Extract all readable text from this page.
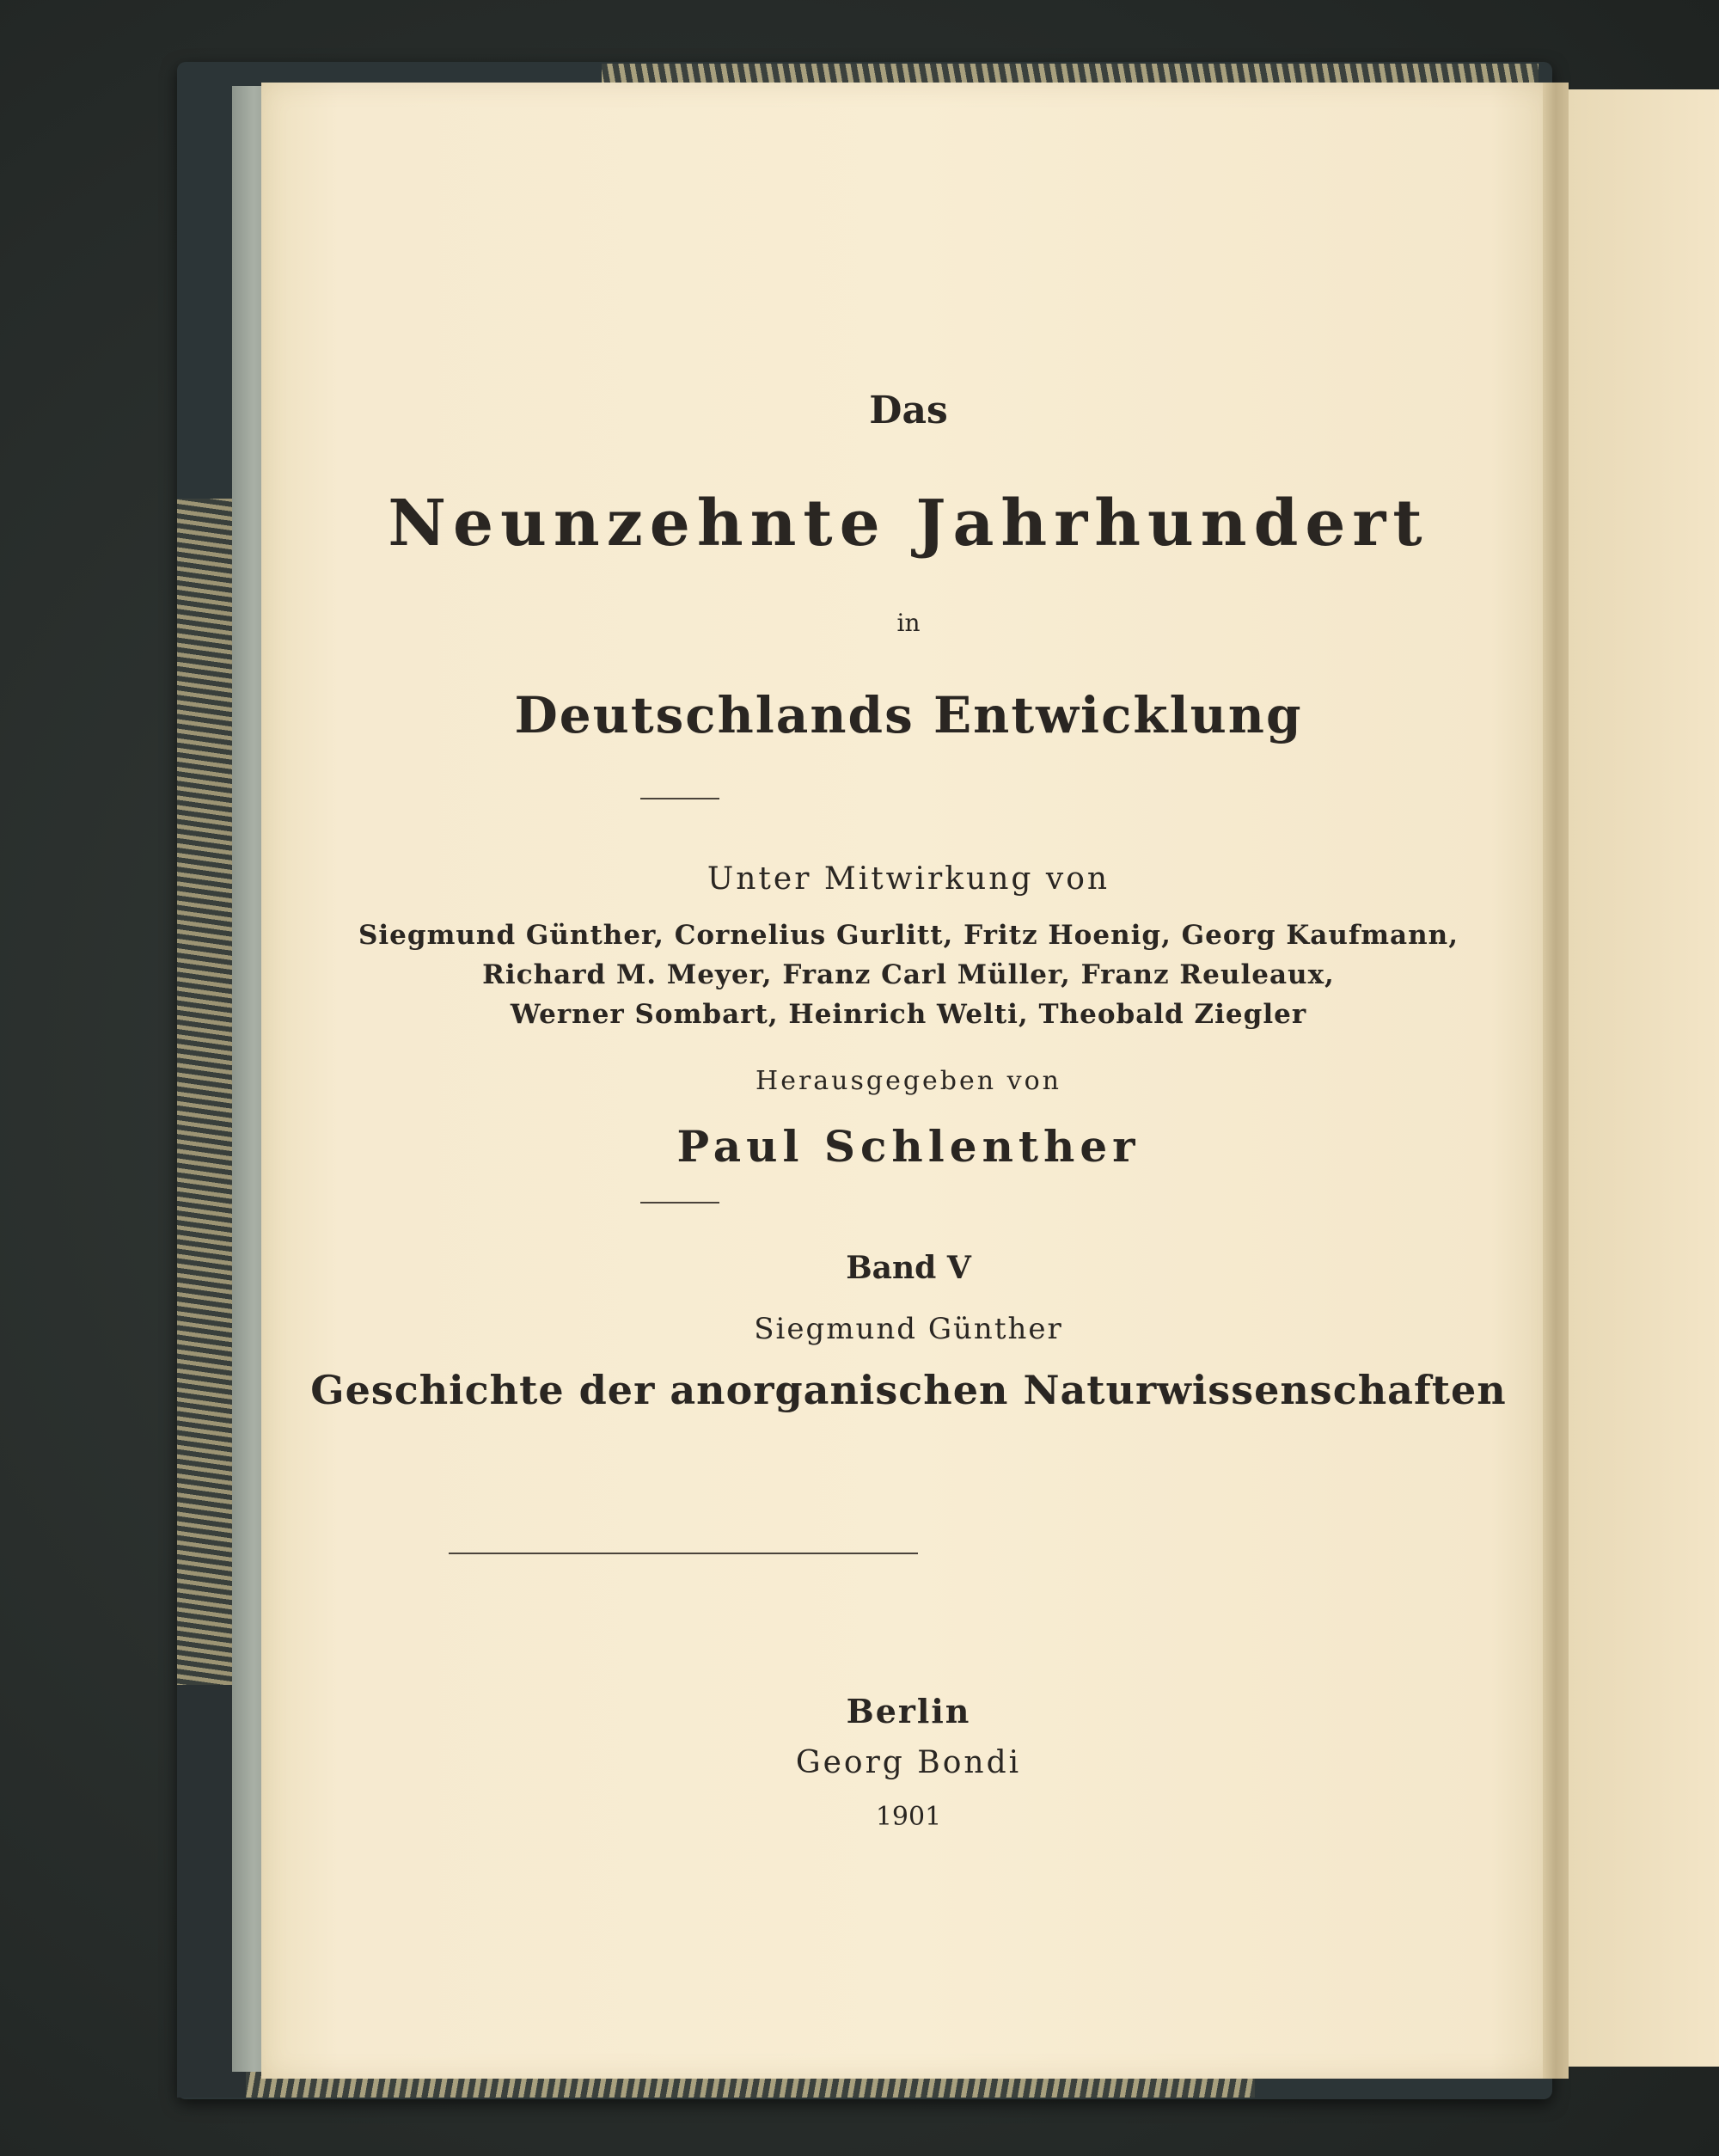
Das

Neunzehnte Jahrhundert

in

Deutschlands Entwicklung

Unter Mitwirkung von

Siegmund Günther, Cornelius Gurlitt, Fritz Hoenig, Georg Kaufmann,

Richard M. Meyer, Franz Carl Müller, Franz Reuleaux,

Werner Sombart, Heinrich Welti, Theobald Ziegler

Herausgegeben von

Paul Schlenther

Band V

Siegmund Günther

Geschichte der anorganischen Naturwissenschaften

Berlin

Georg Bondi

1901
